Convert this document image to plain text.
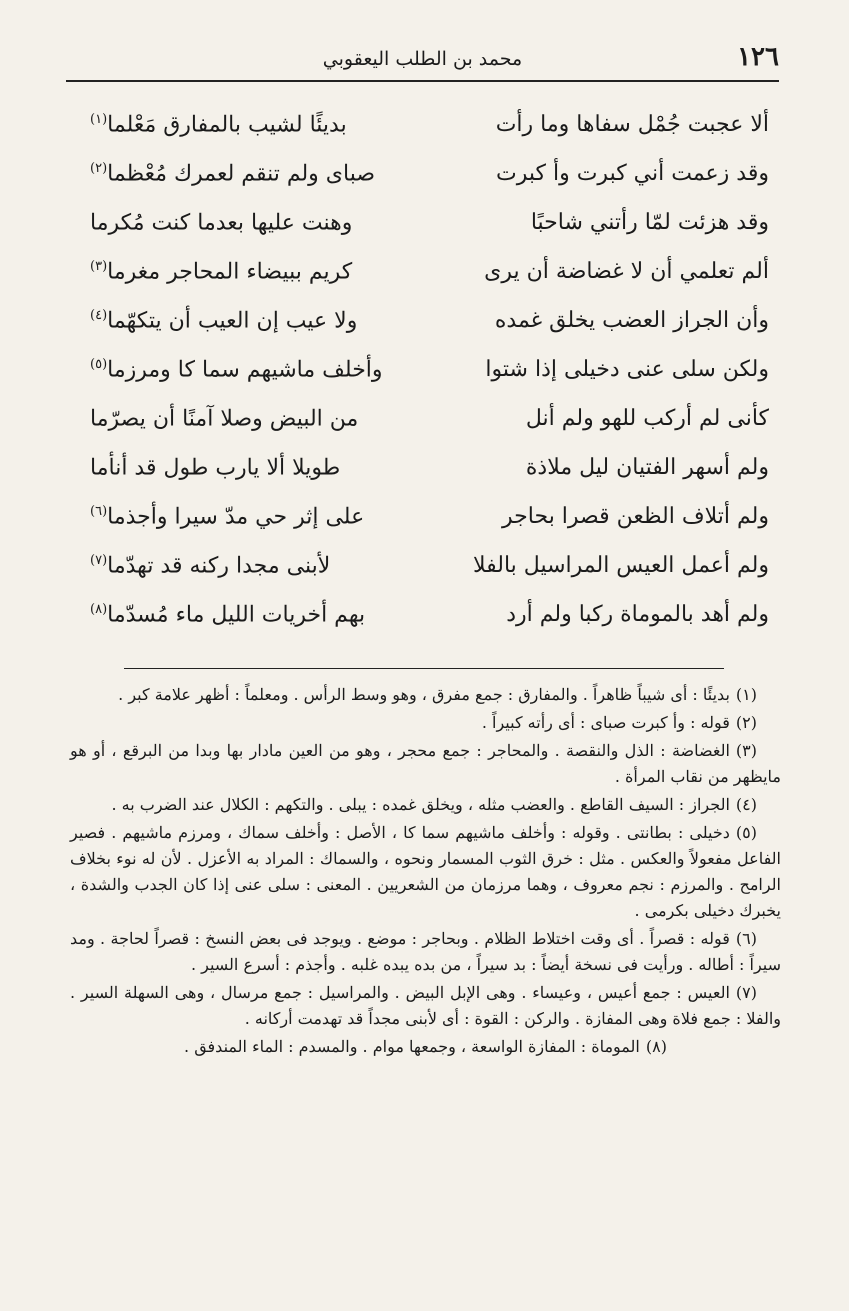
١٢٦
محمد بن الطلب اليعقوبي
ألا عجبت جُمْل سفاها وما رأت
بديئًا لشيب بالمفارق مَعْلما$^{(١)}$
وقد زعمت أني كبرت وأ كبرت
صباى ولم تنقم لعمرك مُعْظما$^{(٢)}$
وقد هزئت لمّا رأتني شاحبًا
وهنت عليها بعدما كنت مُكرما
ألم تعلمي أن لا غضاضة أن يرى
كريم ببيضاء المحاجر مغرما$^{(٣)}$
وأن الجراز العضب يخلق غمده
ولا عيب إن العيب أن يتكهّما$^{(٤)}$
ولكن سلى عنى دخيلى إذا شتوا
وأخلف ماشيهم سما كا ومرزما$^{(٥)}$
كأنى لم أركب للهو ولم أنل
من البيض وصلا آمنًا أن يصرّما
ولم أسهر الفتيان ليل ملاذة
طويلا ألا يارب طول قد أنأما
ولم أتلاف الظعن قصرا بحاجر
على إثر حي مدّ سيرا وأجذما$^{(٦)}$
ولم أعمل العيس المراسيل بالفلا
لأبنى مجدا ركنه قد تهدّما$^{(٧)}$
ولم أهد بالموماة ركبا ولم أرد
بهم أخريات الليل ماء مُسدّما$^{(٨)}$

(١)بديئًا : أى شيباً ظاهراً . والمفارق : جمع مفرق ، وهو وسط الرأس . ومعلماً : أظهر علامة كبر .

(٢)قوله : وأ كبرت صباى : أى رأته كبيراً .

(٣)الغضاضة : الذل والنقصة . والمحاجر : جمع محجر ، وهو من العين مادار بها وبدا من البرقع ، أو هو مايظهر من نقاب المرأة .

(٤)الجراز : السيف القاطع . والعضب مثله ، ويخلق غمده : يبلى . والتكهم : الكلال عند الضرب به .

(٥)دخيلى : بطانتى . وقوله : وأخلف ماشيهم سما كا ، الأصل : وأخلف سماك ، ومرزم ماشيهم . فصير الفاعل مفعولاً والعكس . مثل : خرق الثوب المسمار ونحوه ، والسماك : المراد به الأعزل . لأن له نوء بخلاف الرامح . والمرزم : نجم معروف ، وهما مرزمان من الشعريين . المعنى : سلى عنى إذا كان الجدب والشدة ، يخبرك دخيلى بكرمى .

(٦)قوله : قصراً . أى وقت اختلاط الظلام . وبحاجر : موضع . ويوجد فى بعض النسخ : قصراً لحاجة . ومد سيراً : أطاله . ورأيت فى نسخة أيضاً : بد سيراً ، من بده يبده غلبه . وأجذم : أسرع السير .

(٧)العيس : جمع أعيس ، وعيساء . وهى الإبل البيض . والمراسيل : جمع مرسال ، وهى السهلة السير . والفلا : جمع فلاة وهى المفازة . والركن : القوة : أى لأبنى مجداً قد تهدمت أركانه .

(٨)الموماة : المفازة الواسعة ، وجمعها موام . والمسدم : الماء المندفق .
